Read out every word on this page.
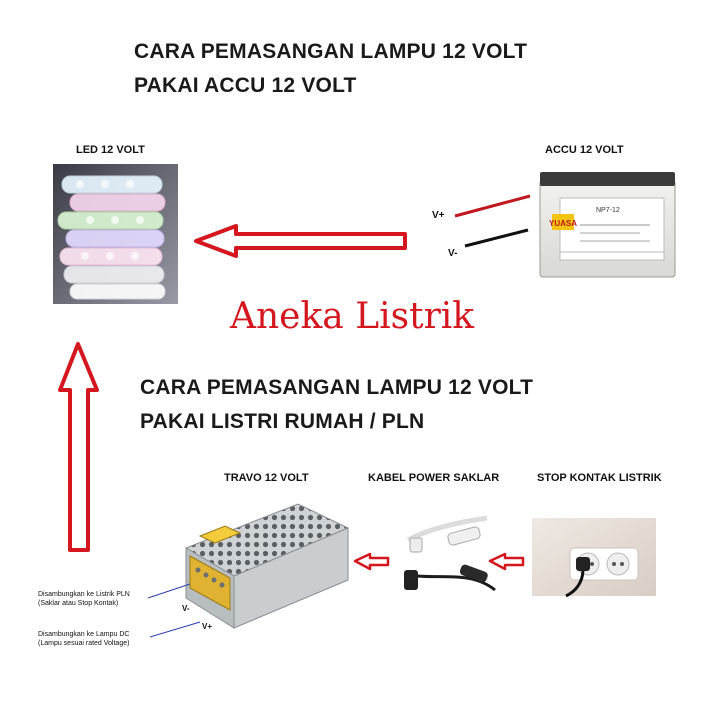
CARA PEMASANGAN LAMPU 12 VOLT
PAKAI ACCU 12 VOLT
CARA PEMASANGAN LAMPU 12 VOLT
PAKAI LISTRI RUMAH / PLN
Aneka Listrik
LED 12 VOLT	ACCU 12 VOLT
TRAVO 12 VOLT	KABEL POWER SAKLAR	STOP KONTAK LISTRIK
YUASA
NP7-12
V+
V-
V-
V+
Disambungkan ke Listrik PLN
(Saklar atau Stop Kontak)
Disambungkan ke Lampu DC
(Lampu sesuai rated Voltage)
